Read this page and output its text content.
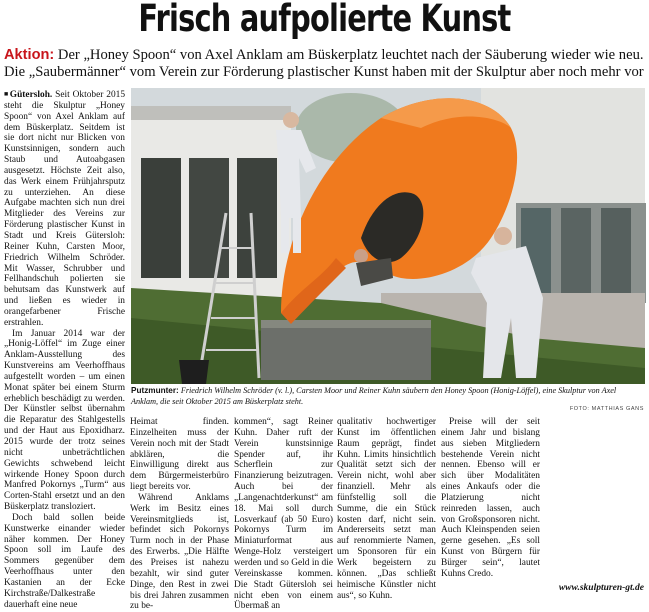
Frisch aufpolierte Kunst
Aktion: Der „Honey Spoon“ von Axel Anklam am Büskerplatz leuchtet nach der Säuberung wieder wie neu.
Die „Saubermänner“ vom Verein zur Förderung plastischer Kunst haben mit der Skulptur aber noch mehr vor

■ Gütersloh. Seit Oktober 2015 steht die Skulptur „Honey Spoon“ von Axel Anklam auf dem Büskerplatz. Seitdem ist sie dort nicht nur Blicken von Kunstsinnigen, sondern auch Staub und Autoabgasen ausgesetzt. Höchste Zeit also, das Werk einem Frühjahrsputz zu unterziehen. An diese Aufgabe machten sich nun drei Mitglieder des Vereins zur Förderung plastischer Kunst in Stadt und Kreis Gütersloh: Reiner Kuhn, Carsten Moor, Friedrich Wilhelm Schröder. Mit Wasser, Schrubber und Fellhandschuh polierten sie behutsam das Kunstwerk auf und ließen es wieder in orangefarbener Frische erstrahlen.

Im Januar 2014 war der „Honig-Löffel“ im Zuge einer Anklam-Ausstellung des Kunstvereins am Veerhoffhaus aufgestellt worden – um einen Monat später bei einem Sturm erheblich beschädigt zu werden. Der Künstler selbst übernahm die Reparatur des Stahlgestells und der Haut aus Epoxidharz. 2015 wurde der trotz seines nicht unbeträchtlichen Gewichts schwebend leicht wirkende Honey Spoon durch Manfred Pokornys „Turm“ aus Corten-Stahl ersetzt und an den Büskerplatz transloziert.

Doch bald sollen beide Kunstwerke einander wieder näher kommen. Der Honey Spoon soll im Laufe des Sommers gegenüber dem Veerhoffhaus unter den Kastanien an der Ecke Kirchstraße/Dalkestraße dauerhaft eine neue

Putzmunter: Friedrich Wilhelm Schröder (v. l.), Carsten Moor und Reiner Kuhn säubern den Honey Spoon (Honig-Löffel), eine Skulptur von Axel Anklam, die seit Oktober 2015 am Büskerplatz steht.
FOTO: MATTHIAS GANS

Heimat finden. Einzelheiten muss der Verein noch mit der Stadt abklären, die Einwilligung direkt aus dem Bürgermeisterbüro liegt bereits vor.

Während Anklams Werk im Besitz eines Vereinsmitglieds ist, befindet sich Pokornys Turm noch in der Phase des Erwerbs. „Die Hälfte des Preises ist nahezu bezahlt, wir sind guter Dinge, den Rest in zwei bis drei Jahren zusammen zu be-

kommen“, sagt Reiner Kuhn. Daher ruft der Verein kunstsinnige Spender auf, ihr Scherflein zur Finanzierung beizutragen. Auch bei der „Langenachtderkunst“ am 18. Mai soll durch Losverkauf (ab 50 Euro) Pokornys Turm im Miniaturformat aus Wenge-Holz versteigert werden und so Geld in die Vereinskasse kommen. Die Stadt Gütersloh sei nicht eben von einem Übermaß an

qualitativ hochwertiger Kunst im öffentlichen Raum geprägt, findet Kuhn. Limits hinsichtlich Qualität setzt sich der Verein nicht, wohl aber finanziell. Mehr als fünfstellig soll die Summe, die ein Stück kosten darf, nicht sein. Andererseits setzt man auf renommierte Namen, um Sponsoren für ein Werk begeistern zu können. „Das schließt heimische Künstler nicht aus“, so Kuhn.

Preise will der seit einem Jahr und bislang aus sieben Mitgliedern bestehende Verein nicht nennen. Ebenso will er sich über Modalitäten eines Ankaufs oder die Platzierung nicht reinreden lassen, auch von Großsponsoren nicht. Auch Kleinspenden seien gerne gesehen. „Es soll Kunst von Bürgern für Bürger sein“, lautet Kuhns Credo.

www.skulpturen-gt.de
